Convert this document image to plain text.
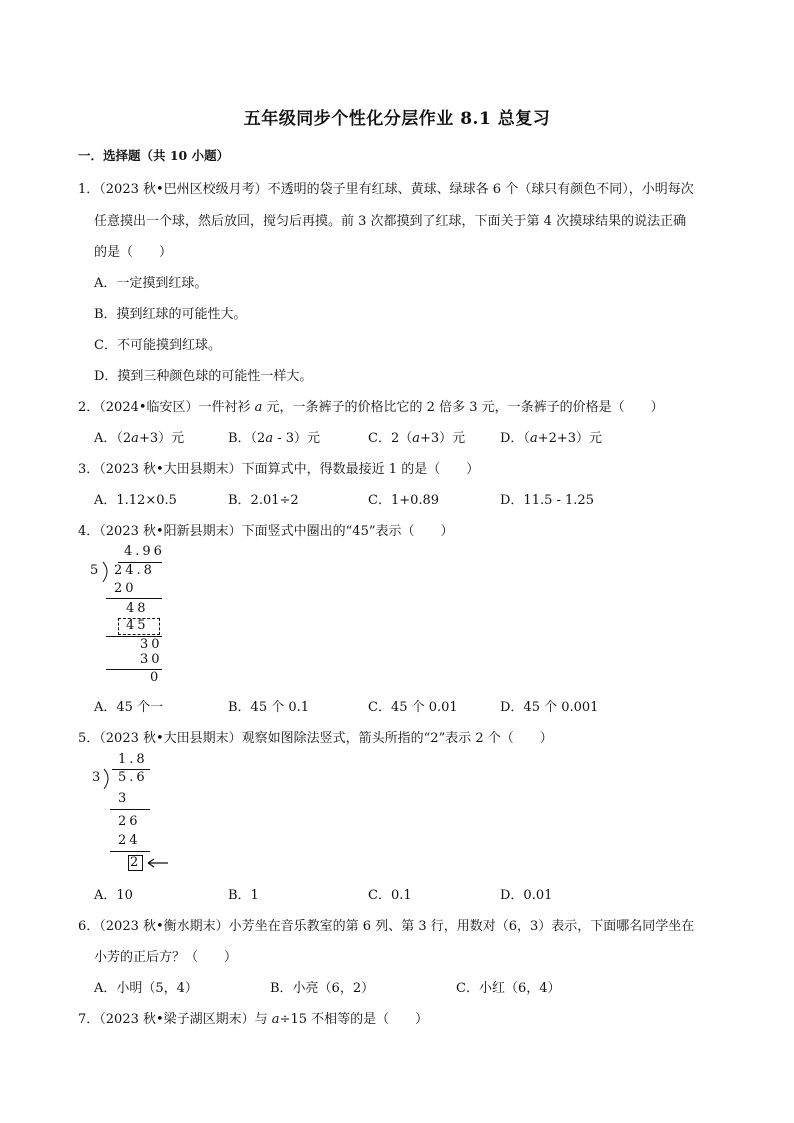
五年级同步个性化分层作业 8.1 总复习
一．选择题（共 10 小题）
1．（2023 秋•巴州区校级月考）不透明的袋子里有红球、黄球、绿球各 6 个（球只有颜色不同），小明每次
任意摸出一个球，然后放回，搅匀后再摸。前 3 次都摸到了红球，下面关于第 4 次摸球结果的说法正确
的是（　　）
A．一定摸到红球。
B．摸到红球的可能性大。
C．不可能摸到红球。
D．摸到三种颜色球的可能性一样大。
2．（2024•临安区）一件衬衫 a 元，一条裤子的价格比它的 2 倍多 3 元，一条裤子的价格是（　　）
A．（2a+3）元	B．（2a - 3）元	C．2（a+3）元	D．（a+2+3）元
3．（2023 秋•大田县期末）下面算式中，得数最接近 1 的是（　　）
A．1.12×0.5	B．2.01÷2	C．1+0.89	D．11.5 - 1.25
4．（2023 秋•阳新县期末）下面竖式中圈出的“45”表示（　　）
4.96
5 24.8
20
48
45
30
30
0
A．45 个一	B．45 个 0.1	C．45 个 0.01	D．45 个 0.001
5．（2023 秋•大田县期末）观察如图除法竖式，箭头所指的“2”表示 2 个（　　）
1.8
3 5.6
3
26
24
2
A．10	B．1	C．0.1	D．0.01
6．（2023 秋•衡水期末）小芳坐在音乐教室的第 6 列、第 3 行，用数对（6，3）表示，下面哪名同学坐在
小芳的正后方？（　　）
A．小明（5，4）	B．小亮（6，2）	C．小红（6，4）
7．（2023 秋•梁子湖区期末）与 a÷15 不相等的是（　　）
